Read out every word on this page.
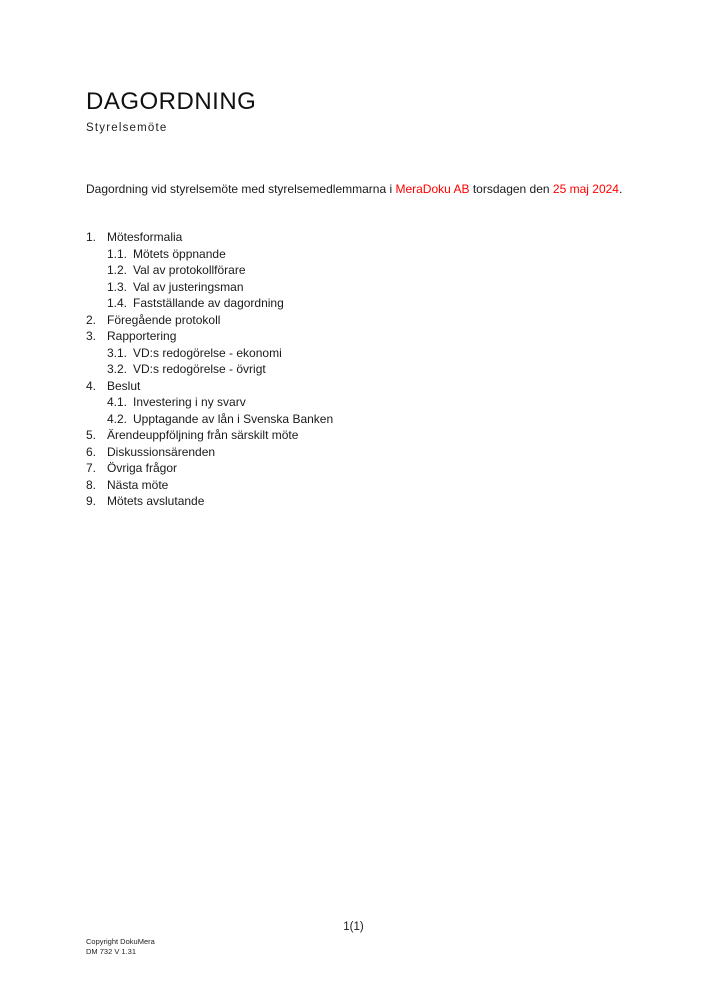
DAGORDNING
Styrelsemöte
Dagordning vid styrelsemöte med styrelsemedlemmarna i MeraDoku AB torsdagen den 25 maj 2024.
1. Mötesformalia
1.1. Mötets öppnande
1.2. Val av protokollförare
1.3. Val av justeringsman
1.4. Fastställande av dagordning
2. Föregående protokoll
3. Rapportering
3.1. VD:s redogörelse - ekonomi
3.2. VD:s redogörelse - övrigt
4. Beslut
4.1. Investering i ny svarv
4.2. Upptagande av lån i Svenska Banken
5. Ärendeuppföljning från särskilt möte
6. Diskussionsärenden
7. Övriga frågor
8. Nästa möte
9. Mötets avslutande
1(1)
Copyright DokuMera
DM 732 V 1.31
